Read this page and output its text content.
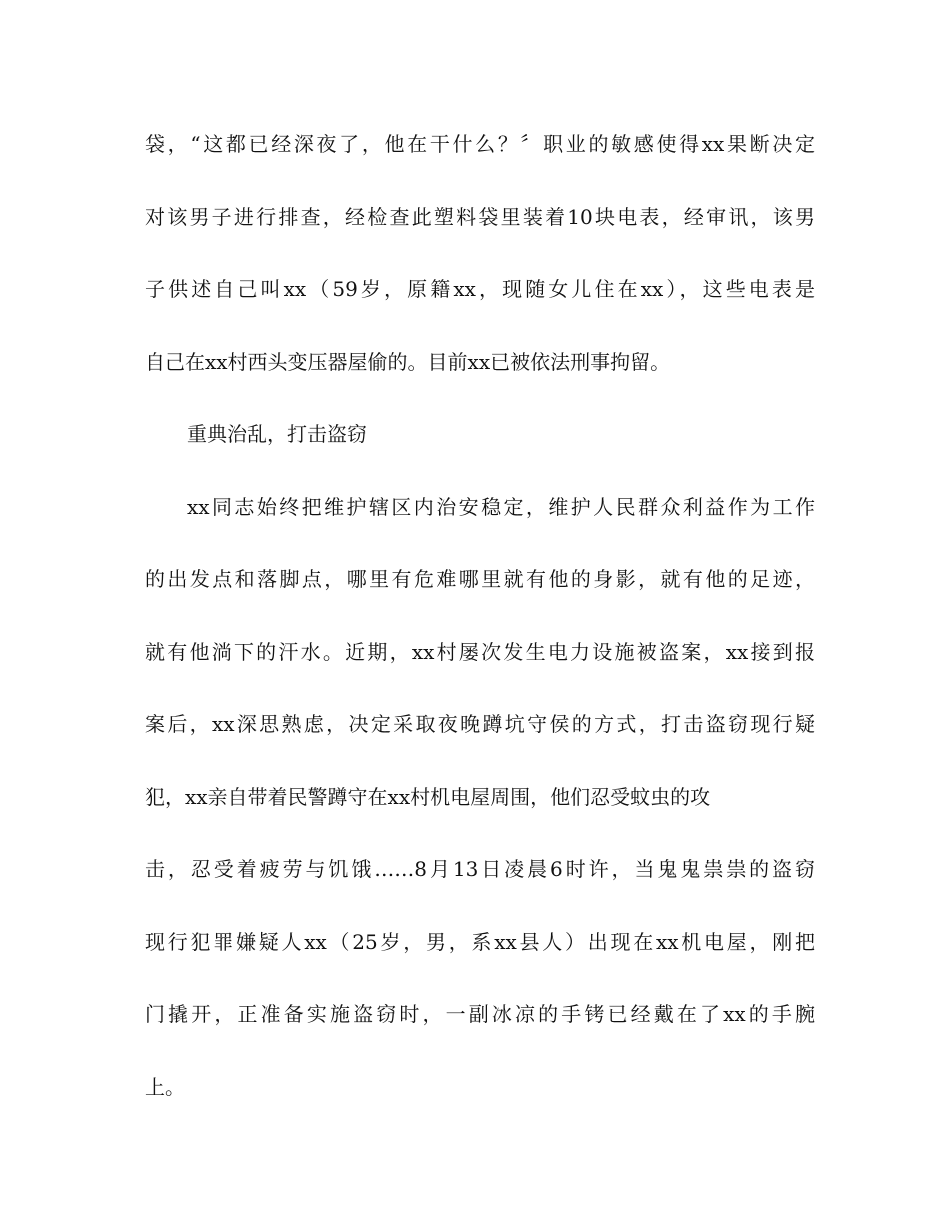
袋，“这都已经深夜了，他在干什么？〞职业的敏感使得xx果断决定
对该男子进行排查，经检查此塑料袋里装着10块电表，经审讯，该男
子供述自己叫xx（59岁，原籍xx，现随女儿住在xx），这些电表是
自己在xx村西头变压器屋偷的。目前xx已被依法刑事拘留。
重典治乱，打击盗窃
xx同志始终把维护辖区内治安稳定，维护人民群众利益作为工作
的出发点和落脚点，哪里有危难哪里就有他的身影，就有他的足迹，
就有他淌下的汗水。近期，xx村屡次发生电力设施被盗案，xx接到报
案后，xx深思熟虑，决定采取夜晚蹲坑守侯的方式，打击盗窃现行疑
犯，xx亲自带着民警蹲守在xx村机电屋周围，他们忍受蚊虫的攻
击，忍受着疲劳与饥饿……8月13日凌晨6时许，当鬼鬼祟祟的盗窃
现行犯罪嫌疑人xx（25岁，男，系xx县人）出现在xx机电屋，刚把
门撬开，正准备实施盗窃时，一副冰凉的手铐已经戴在了xx的手腕
上。
